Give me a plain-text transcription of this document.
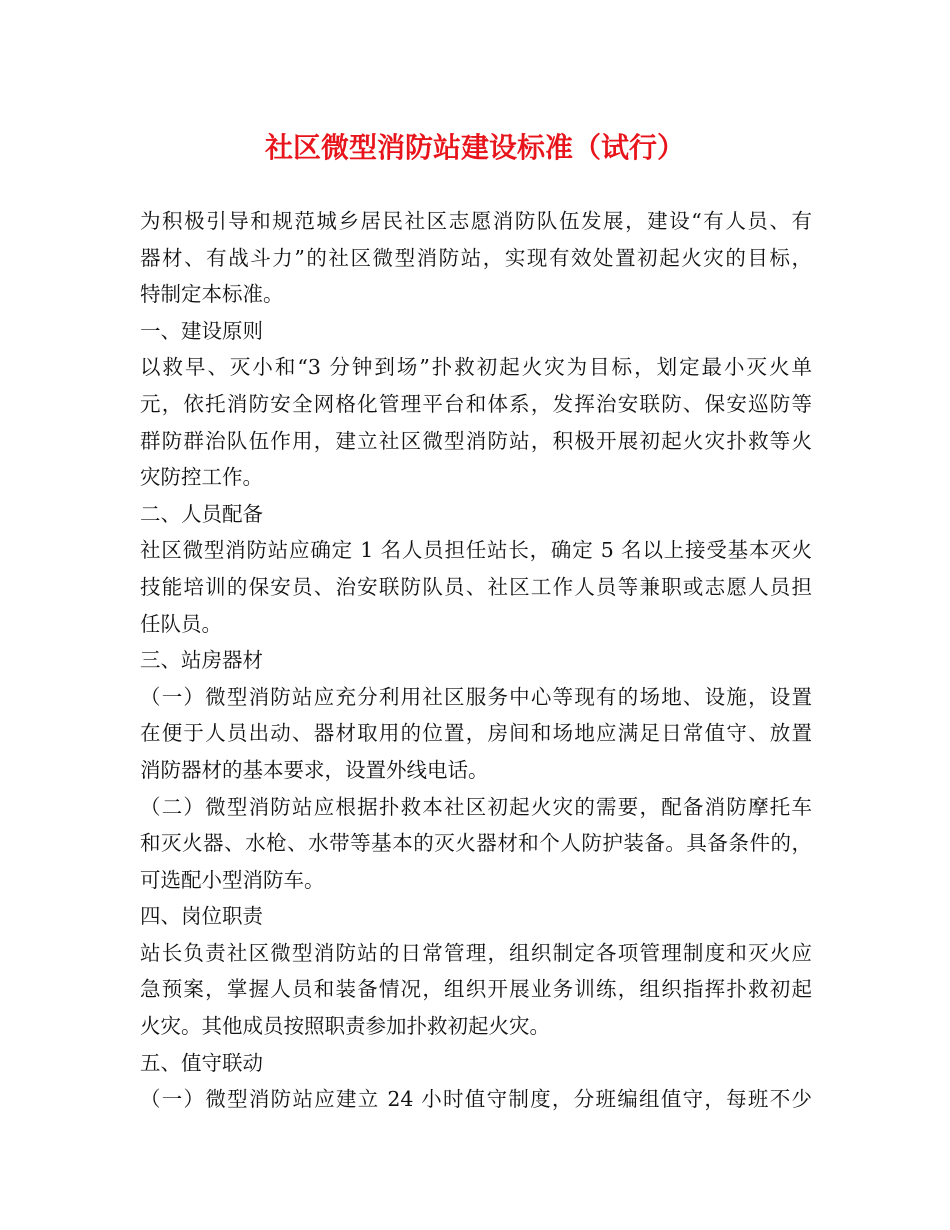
社区微型消防站建设标准（试行）
为积极引导和规范城乡居民社区志愿消防队伍发展，建设“有人员、有
器材、有战斗力”的社区微型消防站，实现有效处置初起火灾的目标，
特制定本标准。
一、建设原则
以救早、灭小和“3 分钟到场”扑救初起火灾为目标，划定最小灭火单
元，依托消防安全网格化管理平台和体系，发挥治安联防、保安巡防等
群防群治队伍作用，建立社区微型消防站，积极开展初起火灾扑救等火
灾防控工作。
二、人员配备
社区微型消防站应确定 1 名人员担任站长，确定 5 名以上接受基本灭火
技能培训的保安员、治安联防队员、社区工作人员等兼职或志愿人员担
任队员。
三、站房器材
（一）微型消防站应充分利用社区服务中心等现有的场地、设施，设置
在便于人员出动、器材取用的位置，房间和场地应满足日常值守、放置
消防器材的基本要求，设置外线电话。
（二）微型消防站应根据扑救本社区初起火灾的需要，配备消防摩托车
和灭火器、水枪、水带等基本的灭火器材和个人防护装备。具备条件的，
可选配小型消防车。
四、岗位职责
站长负责社区微型消防站的日常管理，组织制定各项管理制度和灭火应
急预案，掌握人员和装备情况，组织开展业务训练，组织指挥扑救初起
火灾。其他成员按照职责参加扑救初起火灾。
五、值守联动
（一）微型消防站应建立 24 小时值守制度，分班编组值守，每班不少
